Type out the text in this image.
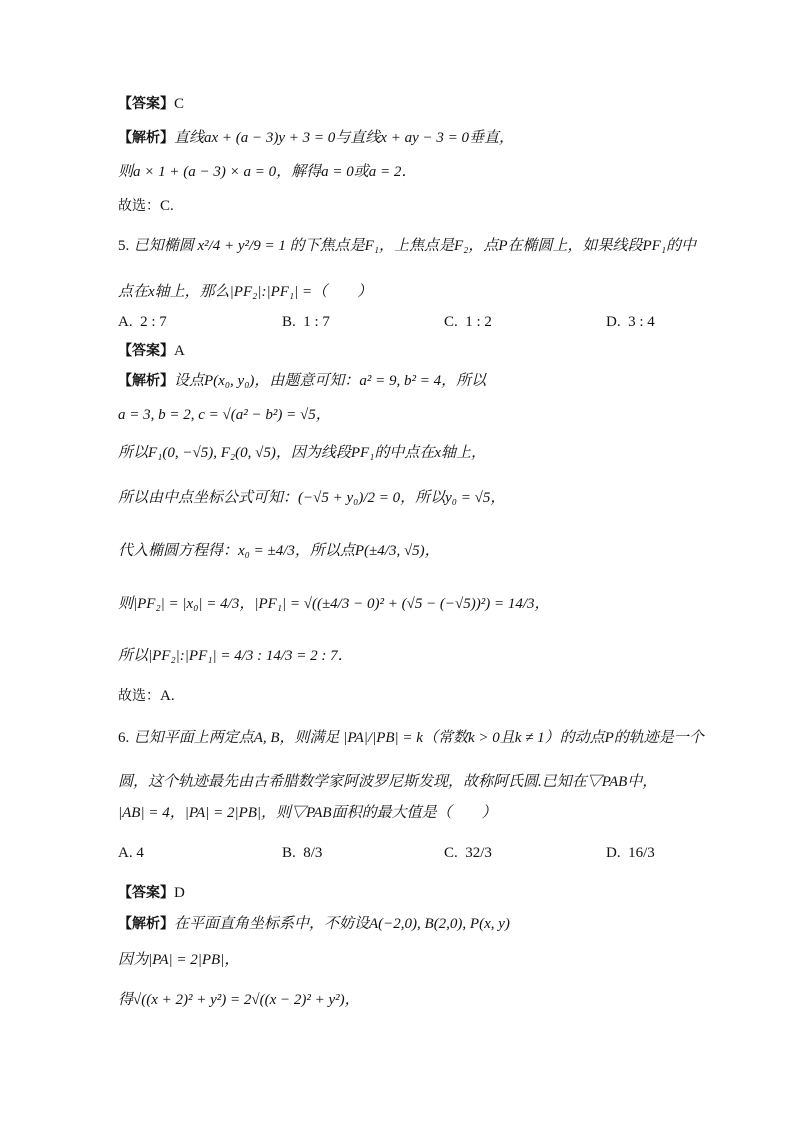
【答案】C
【解析】直线ax + (a − 3)y + 3 = 0与直线x + ay − 3 = 0垂直，
则a × 1 + (a − 3) × a = 0，解得a = 0或a = 2．
故选：C.
5. 已知椭圆 x²/4 + y²/9 = 1 的下焦点是F₁，上焦点是F₂，点P在椭圆上，如果线段PF₁的中
点在x轴上，那么|PF₂|:|PF₁| =（　　）
A. 2 : 7	B. 1 : 7	C. 1 : 2	D. 3 : 4
【答案】A
【解析】设点P(x₀, y₀)，由题意可知：a² = 9, b² = 4，所以
a = 3, b = 2, c = √(a² − b²) = √5，
所以F₁(0, −√5), F₂(0, √5)，因为线段PF₁的中点在x轴上，
所以由中点坐标公式可知：(−√5 + y₀)/2 = 0，所以y₀ = √5，
代入椭圆方程得：x₀ = ±4/3，所以点P(±4/3, √5)，
则|PF₂| = |x₀| = 4/3，|PF₁| = √((±4/3 − 0)² + (√5 − (−√5))²) = 14/3，
所以|PF₂|:|PF₁| = 4/3 : 14/3 = 2 : 7．
故选：A.
6. 已知平面上两定点A, B，则满足 |PA|/|PB| = k（常数k > 0且k ≠ 1）的动点P的轨迹是一个
圆，这个轨迹最先由古希腊数学家阿波罗尼斯发现，故称阿氏圆.已知在▽PAB中，
|AB| = 4，|PA| = 2|PB|，则▽PAB面积的最大值是（　　）
A. 4	B. 8/3	C. 32/3	D. 16/3
【答案】D
【解析】在平面直角坐标系中，不妨设A(−2,0), B(2,0), P(x, y)
因为|PA| = 2|PB|，
得√((x + 2)² + y²) = 2√((x − 2)² + y²)，
